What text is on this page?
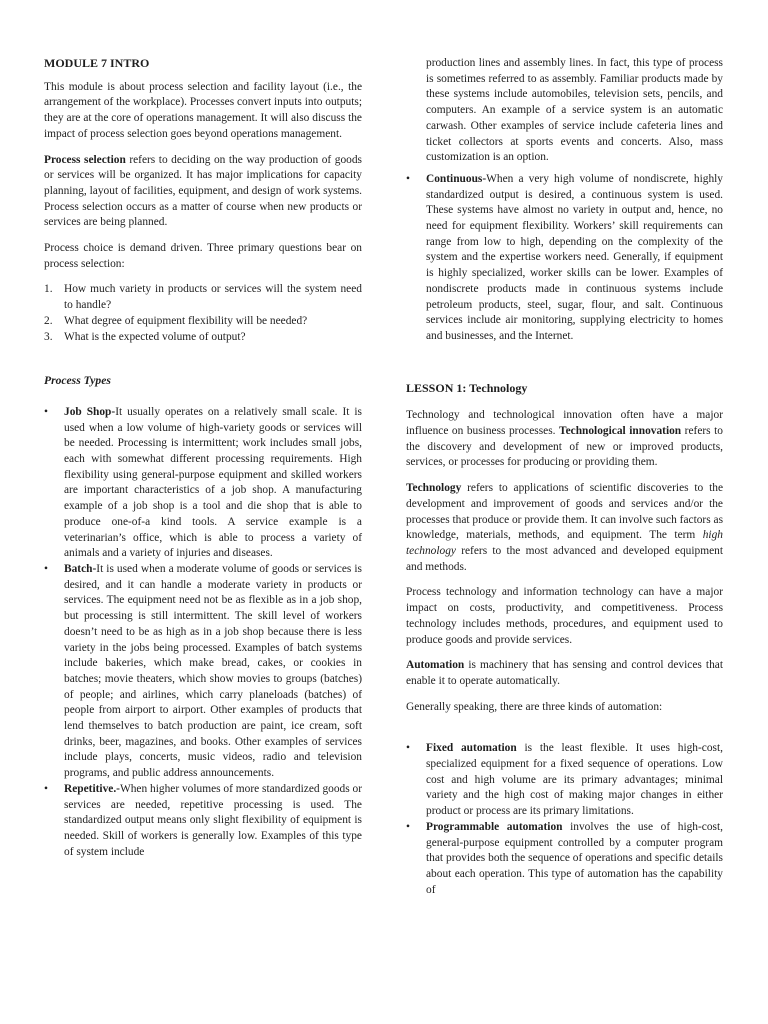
MODULE 7 INTRO

This module is about process selection and facility layout (i.e., the arrangement of the workplace). Processes convert inputs into outputs; they are at the core of operations management. It will also discuss the impact of process selection goes beyond operations management.

Process selection refers to deciding on the way production of goods or services will be organized. It has major implications for capacity planning, layout of facilities, equipment, and design of work systems. Process selection occurs as a matter of course when new products or services are being planned.

Process choice is demand driven. Three primary questions bear on process selection:

1.	How much variety in products or services will the system need to handle?
2.	What degree of equipment flexibility will be needed?
3.	What is the expected volume of output?
Process Types
• Job Shop-It usually operates on a relatively small scale. It is used when a low volume of high-variety goods or services will be needed. Processing is intermittent; work includes small jobs, each with somewhat different processing requirements. High flexibility using general-purpose equipment and skilled workers are important characteristics of a job shop. A manufacturing example of a job shop is a tool and die shop that is able to produce one-of-a kind tools. A service example is a veterinarian’s office, which is able to process a variety of animals and a variety of injuries and diseases.
• Batch-It is used when a moderate volume of goods or services is desired, and it can handle a moderate variety in products or services. The equipment need not be as flexible as in a job shop, but processing is still intermittent. The skill level of workers doesn’t need to be as high as in a job shop because there is less variety in the jobs being processed. Examples of batch systems include bakeries, which make bread, cakes, or cookies in batches; movie theaters, which show movies to groups (batches) of people; and airlines, which carry planeloads (batches) of people from airport to airport. Other examples of products that lend themselves to batch production are paint, ice cream, soft drinks, beer, magazines, and books. Other examples of services include plays, concerts, music videos, radio and television programs, and public address announcements.
• Repetitive.-When higher volumes of more standardized goods or services are needed, repetitive processing is used. The standardized output means only slight flexibility of equipment is needed. Skill of workers is generally low. Examples of this type of system include
production lines and assembly lines. In fact, this type of process is sometimes referred to as assembly. Familiar products made by these systems include automobiles, television sets, pencils, and computers. An example of a service system is an automatic carwash. Other examples of service include cafeteria lines and ticket collectors at sports events and concerts. Also, mass customization is an option.
• Continuous-When a very high volume of nondiscrete, highly standardized output is desired, a continuous system is used. These systems have almost no variety in output and, hence, no need for equipment flexibility. Workers’ skill requirements can range from low to high, depending on the complexity of the system and the expertise workers need. Generally, if equipment is highly specialized, worker skills can be lower. Examples of nondiscrete products made in continuous systems include petroleum products, steel, sugar, flour, and salt. Continuous services include air monitoring, supplying electricity to homes and businesses, and the Internet.
LESSON 1: Technology

Technology and technological innovation often have a major influence on business processes. Technological innovation refers to the discovery and development of new or improved products, services, or processes for producing or providing them.

Technology refers to applications of scientific discoveries to the development and improvement of goods and services and/or the processes that produce or provide them. It can involve such factors as knowledge, materials, methods, and equipment. The term high technology refers to the most advanced and developed equipment and methods.

Process technology and information technology can have a major impact on costs, productivity, and competitiveness. Process technology includes methods, procedures, and equipment used to produce goods and provide services.

Automation is machinery that has sensing and control devices that enable it to operate automatically.

Generally speaking, there are three kinds of automation:

• Fixed automation is the least flexible. It uses high-cost, specialized equipment for a fixed sequence of operations. Low cost and high volume are its primary advantages; minimal variety and the high cost of making major changes in either product or process are its primary limitations.
• Programmable automation involves the use of high-cost, general-purpose equipment controlled by a computer program that provides both the sequence of operations and specific details about each operation. This type of automation has the capability of
